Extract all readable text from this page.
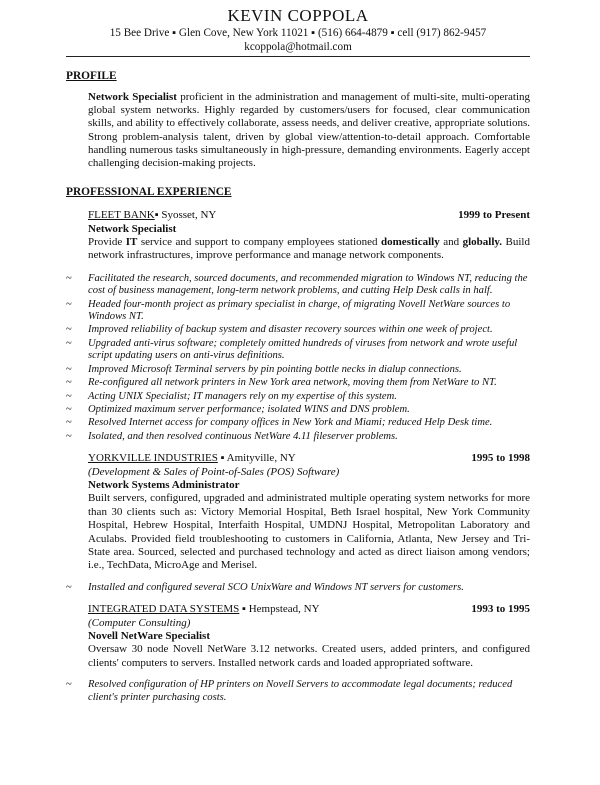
KEVIN COPPOLA
15 Bee Drive ▪ Glen Cove, New York 11021 ▪ (516) 664-4879 ▪ cell (917) 862-9457
kcoppola@hotmail.com
PROFILE
Network Specialist proficient in the administration and management of multi-site, multi-operating global system networks. Highly regarded by customers/users for focused, clear communication skills, and ability to effectively collaborate, assess needs, and deliver creative, appropriate solutions. Strong problem-analysis talent, driven by global view/attention-to-detail approach. Comfortable handling numerous tasks simultaneously in high-pressure, demanding environments. Eagerly accept challenging decision-making projects.
PROFESSIONAL EXPERIENCE
FLEET BANK▪ Syosset, NY	1999 to Present
Network Specialist
Provide IT service and support to company employees stationed domestically and globally. Build network infrastructures, improve performance and manage network components.
~ Facilitated the research, sourced documents, and recommended migration to Windows NT, reducing the cost of business management, long-term network problems, and cutting Help Desk calls in half.
~ Headed four-month project as primary specialist in charge, of migrating Novell NetWare sources to Windows NT.
~ Improved reliability of backup system and disaster recovery sources within one week of project.
~ Upgraded anti-virus software; completely omitted hundreds of viruses from network and wrote useful script updating users on anti-virus definitions.
~ Improved Microsoft Terminal servers by pin pointing bottle necks in dialup connections.
~ Re-configured all network printers in New York area network, moving them from NetWare to NT.
~ Acting UNIX Specialist; IT managers rely on my expertise of this system.
~ Optimized maximum server performance; isolated WINS and DNS problem.
~ Resolved Internet access for company offices in New York and Miami; reduced Help Desk time.
~ Isolated, and then resolved continuous NetWare 4.11 fileserver problems.
YORKVILLE INDUSTRIES ▪ Amityville, NY	1995 to 1998
(Development & Sales of Point-of-Sales (POS) Software)
Network Systems Administrator
Built servers, configured, upgraded and administrated multiple operating system networks for more than 30 clients such as: Victory Memorial Hospital, Beth Israel hospital, New York Community Hospital, Hebrew Hospital, Interfaith Hospital, UMDNJ Hospital, Metropolitan Laboratory and Aculabs. Provided field troubleshooting to customers in California, Atlanta, New Jersey and Tri-State area. Sourced, selected and purchased technology and acted as direct liaison among vendors; i.e., TechData, MicroAge and Merisel.
~ Installed and configured several SCO UnixWare and Windows NT servers for customers.
INTEGRATED DATA SYSTEMS ▪ Hempstead, NY	1993 to 1995
(Computer Consulting)
Novell NetWare Specialist
Oversaw 30 node Novell NetWare 3.12 networks. Created users, added printers, and configured clients' computers to servers. Installed network cards and loaded appropriated software.
~ Resolved configuration of HP printers on Novell Servers to accommodate legal documents; reduced client's printer purchasing costs.
